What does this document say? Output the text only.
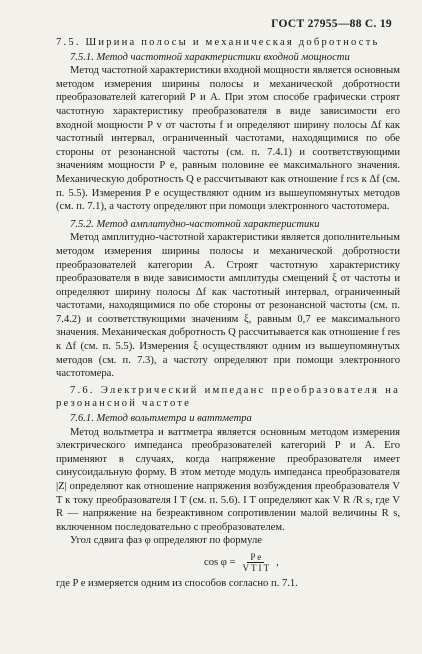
ГОСТ 27955—88 С. 19

7.5. Ширина полосы и механическая добротность

7.5.1. Метод частотной характеристики входной мощности

Метод частотной характеристики входной мощности является основным методом измерения ширины полосы и механической добротности преобразователей категорий Р и А. При этом способе графически строят частотную характеристику преобразователя в виде зависимости его входной мощности P v от частоты f и определяют ширину полосы Δf как частотный интервал, ограниченный частотами, находящимися по обе стороны от резонансной частоты (см. п. 7.4.1) и соответствующими значениям мощности P e, равным половине ее максимального значения. Механическую добротность Q e рассчитывают как отношение f rcs к Δf (см. п. 5.5). Измерения P e осуществляют одним из вышеупомянутых методов (см. п. 7.1), а частоту определяют при помощи электронного частотомера.

7.5.2. Метод амплитудно-частотной характеристики

Метод амплитудно-частотной характеристики является дополнительным методом измерения ширины полосы и механической добротности преобразователей категории А. Строят частотную характеристику преобразователя в виде зависимости амплитуды смещений ξ от частоты и определяют ширину полосы Δf как частотный интервал, ограниченный частотами, находящимися по обе стороны от резонансной частоты (см. п. 7.4.2) и соответствующими значениям ξ, равным 0,7 ее максимального значения. Механическая добротность Q рассчитывается как отношение f res к Δf (см. п. 5.5). Измерения ξ осуществляют одним из вышеупомянутых методов (см. п. 7.3), а частоту определяют при помощи электронного частотомера.

7.6. Электрический импеданс преобразователя на резонансной частоте

7.6.1. Метод вольтметра и ваттметра

Метод вольтметра и ваттметра является основным методом измерения электрического импеданса преобразователей категорий Р и А. Его применяют в случаях, когда напряжение преобразователя имеет синусоидальную форму. В этом методе модуль импеданса преобразователя |Z| определяют как отношение напряжения возбуждения преобразователя V T к току преобразователя I T (см. п. 5.6). I T определяют как V R /R s, где V R — напряжение на безреактивном сопротивлении малой величины R s, включенном последовательно с преобразователем.

Угол сдвига фаз φ определяют по формуле

$\cos \varphi = \frac{\text{P e}}{\text{V T I T}}$ ,

где P e измеряется одним из способов согласно п. 7.1.
